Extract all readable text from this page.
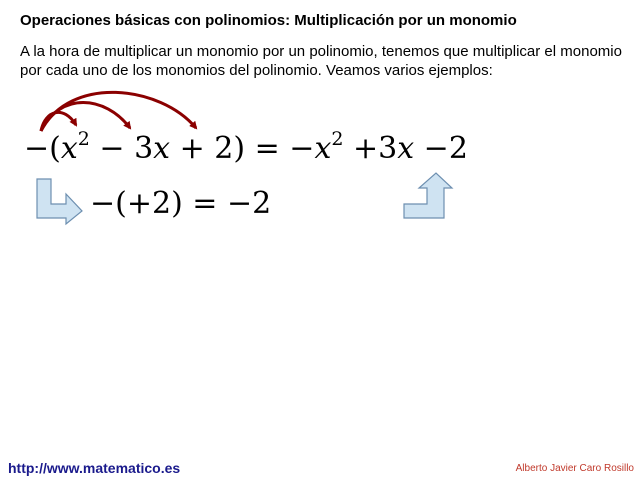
Operaciones básicas con polinomios: Multiplicación por un monomio
A la hora de multiplicar un monomio por un polinomio, tenemos que multiplicar el monomio por cada uno de los monomios del polinomio. Veamos varios ejemplos:
$-(x^2 - 3x + 2) = -x^2 +3x -2$
−(+2) = −2
http://www.matematico.es	Alberto Javier Caro Rosillo
